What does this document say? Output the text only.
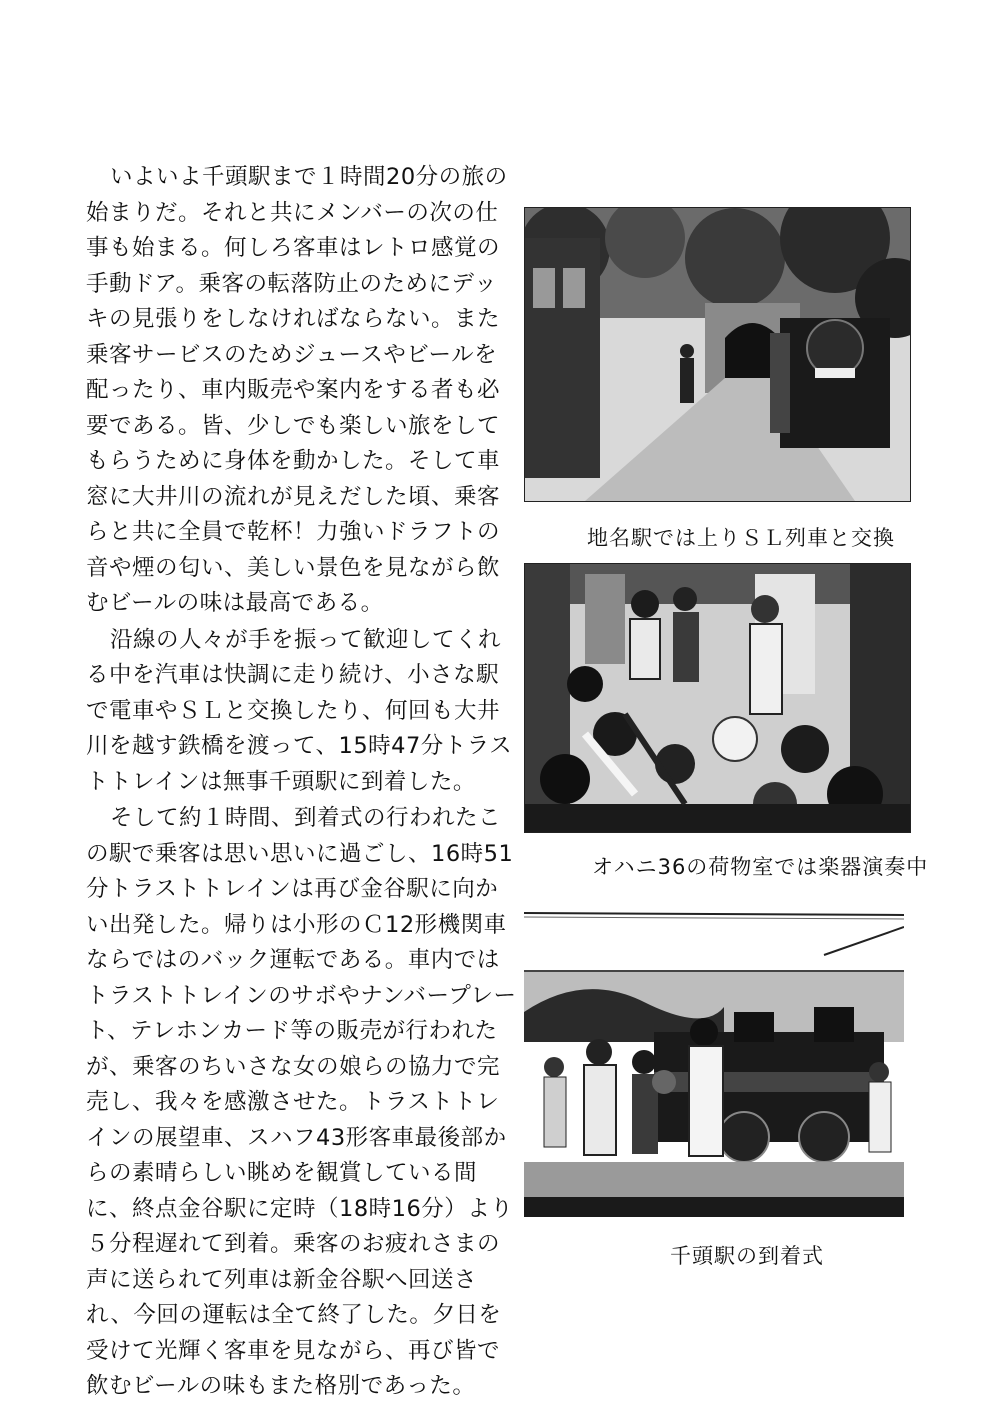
いよいよ千頭駅まで１時間20分の旅の始まりだ。それと共にメンバーの次の仕事も始まる。何しろ客車はレトロ感覚の手動ドア。乗客の転落防止のためにデッキの見張りをしなければならない。また乗客サービスのためジュースやビールを配ったり、車内販売や案内をする者も必要である。皆、少しでも楽しい旅をしてもらうために身体を動かした。そして車窓に大井川の流れが見えだした頃、乗客らと共に全員で乾杯！力強いドラフトの音や煙の匂い、美しい景色を見ながら飲むビールの味は最高である。

沿線の人々が手を振って歓迎してくれる中を汽車は快調に走り続け、小さな駅で電車やＳＬと交換したり、何回も大井川を越す鉄橋を渡って、15時47分トラストトレインは無事千頭駅に到着した。

そして約１時間、到着式の行われたこの駅で乗客は思い思いに過ごし、16時51分トラストトレインは再び金谷駅に向かい出発した。帰りは小形のＣ12形機関車ならではのバック運転である。車内ではトラストトレインのサボやナンバープレート、テレホンカード等の販売が行われたが、乗客のちいさな女の娘らの協力で完売し、我々を感激させた。トラストトレインの展望車、スハフ43形客車最後部からの素晴らしい眺めを観賞している間に、終点金谷駅に定時（18時16分）より５分程遅れて到着。乗客のお疲れさまの声に送られて列車は新金谷駅へ回送され、今回の運転は全て終了した。夕日を受けて光輝く客車を見ながら、再び皆で飲むビールの味もまた格別であった。

地名駅では上りＳＬ列車と交換
オハニ36の荷物室では楽器演奏中
千頭駅の到着式
